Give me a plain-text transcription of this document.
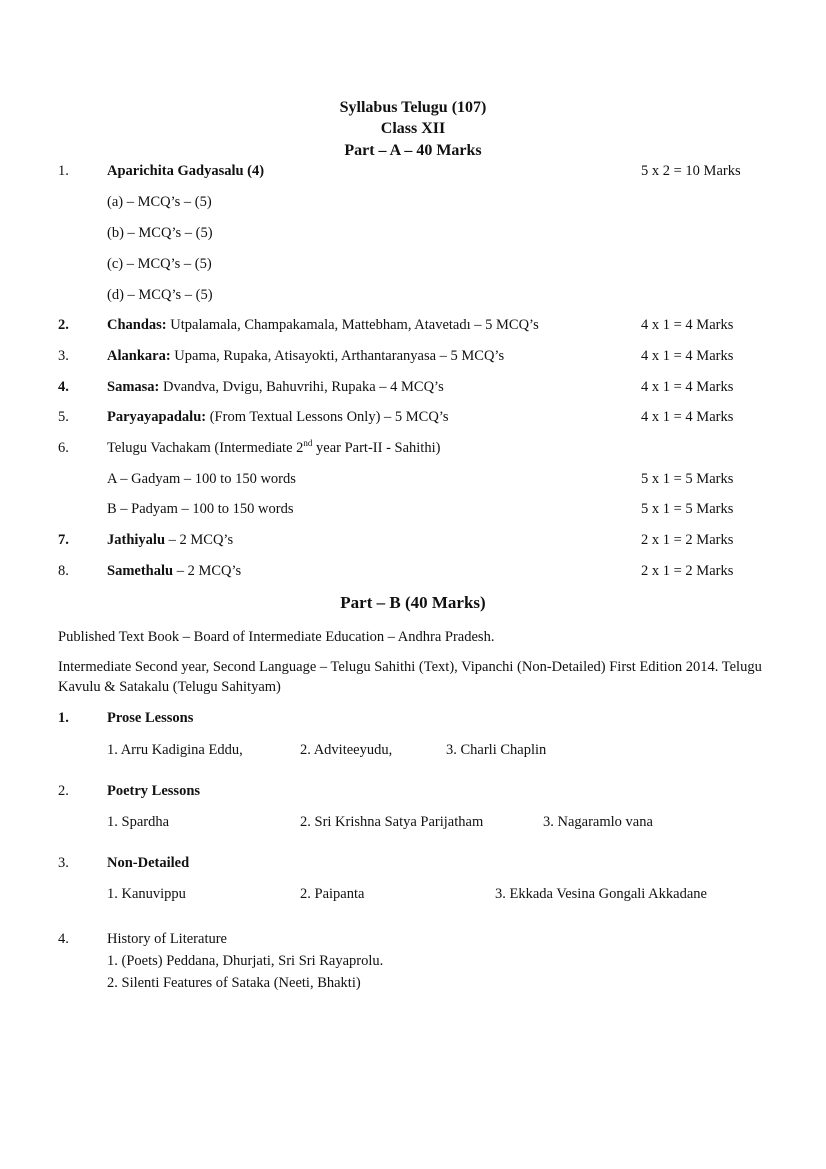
Syllabus Telugu (107)
Class XII
Part – A – 40 Marks
1.	Aparichita Gadyasalu (4)	5 x 2 = 10 Marks
(a) – MCQ’s – (5)
(b) – MCQ’s – (5)
(c) – MCQ’s – (5)
(d) – MCQ’s – (5)
2.	Chandas: Utpalamala, Champakamala, Mattebham, Atavetadı – 5 MCQ’s	4 x 1 = 4 Marks
3.	Alankara: Upama, Rupaka, Atisayokti, Arthantaranyasa – 5 MCQ’s	4 x 1 = 4 Marks
4.	Samasa: Dvandva, Dvigu, Bahuvrihi, Rupaka – 4 MCQ’s	4 x 1 = 4 Marks
5.	Paryayapadalu: (From Textual Lessons Only) – 5 MCQ’s	4 x 1 = 4 Marks
6.	Telugu Vachakam (Intermediate 2nd year Part-II - Sahithi)
A – Gadyam – 100 to 150 words	5 x 1 = 5 Marks
B – Padyam – 100 to 150 words	5 x 1 = 5 Marks
7.	Jathiyalu – 2 MCQ’s	2 x 1 = 2 Marks
8.	Samethalu – 2 MCQ’s	2 x 1 = 2 Marks
Part – B (40 Marks)
Published Text Book – Board of Intermediate Education – Andhra Pradesh.
Intermediate Second year, Second Language – Telugu Sahithi (Text), Vipanchi (Non-Detailed) First Edition 2014. Telugu Kavulu & Satakalu (Telugu Sahityam)
1.	Prose Lessons
1. Arru Kadigina Eddu,	2. Adviteeyudu,	3. Charli Chaplin
2.	Poetry Lessons
1. Spardha	2. Sri Krishna Satya Parijatham	3. Nagaramlo vana
3.	Non-Detailed
1. Kanuvippu	2. Paipanta	3. Ekkada Vesina Gongali Akkadane
4.	History of Literature
1. (Poets) Peddana, Dhurjati, Sri Sri Rayaprolu.
2. Silenti Features of Sataka (Neeti, Bhakti)
